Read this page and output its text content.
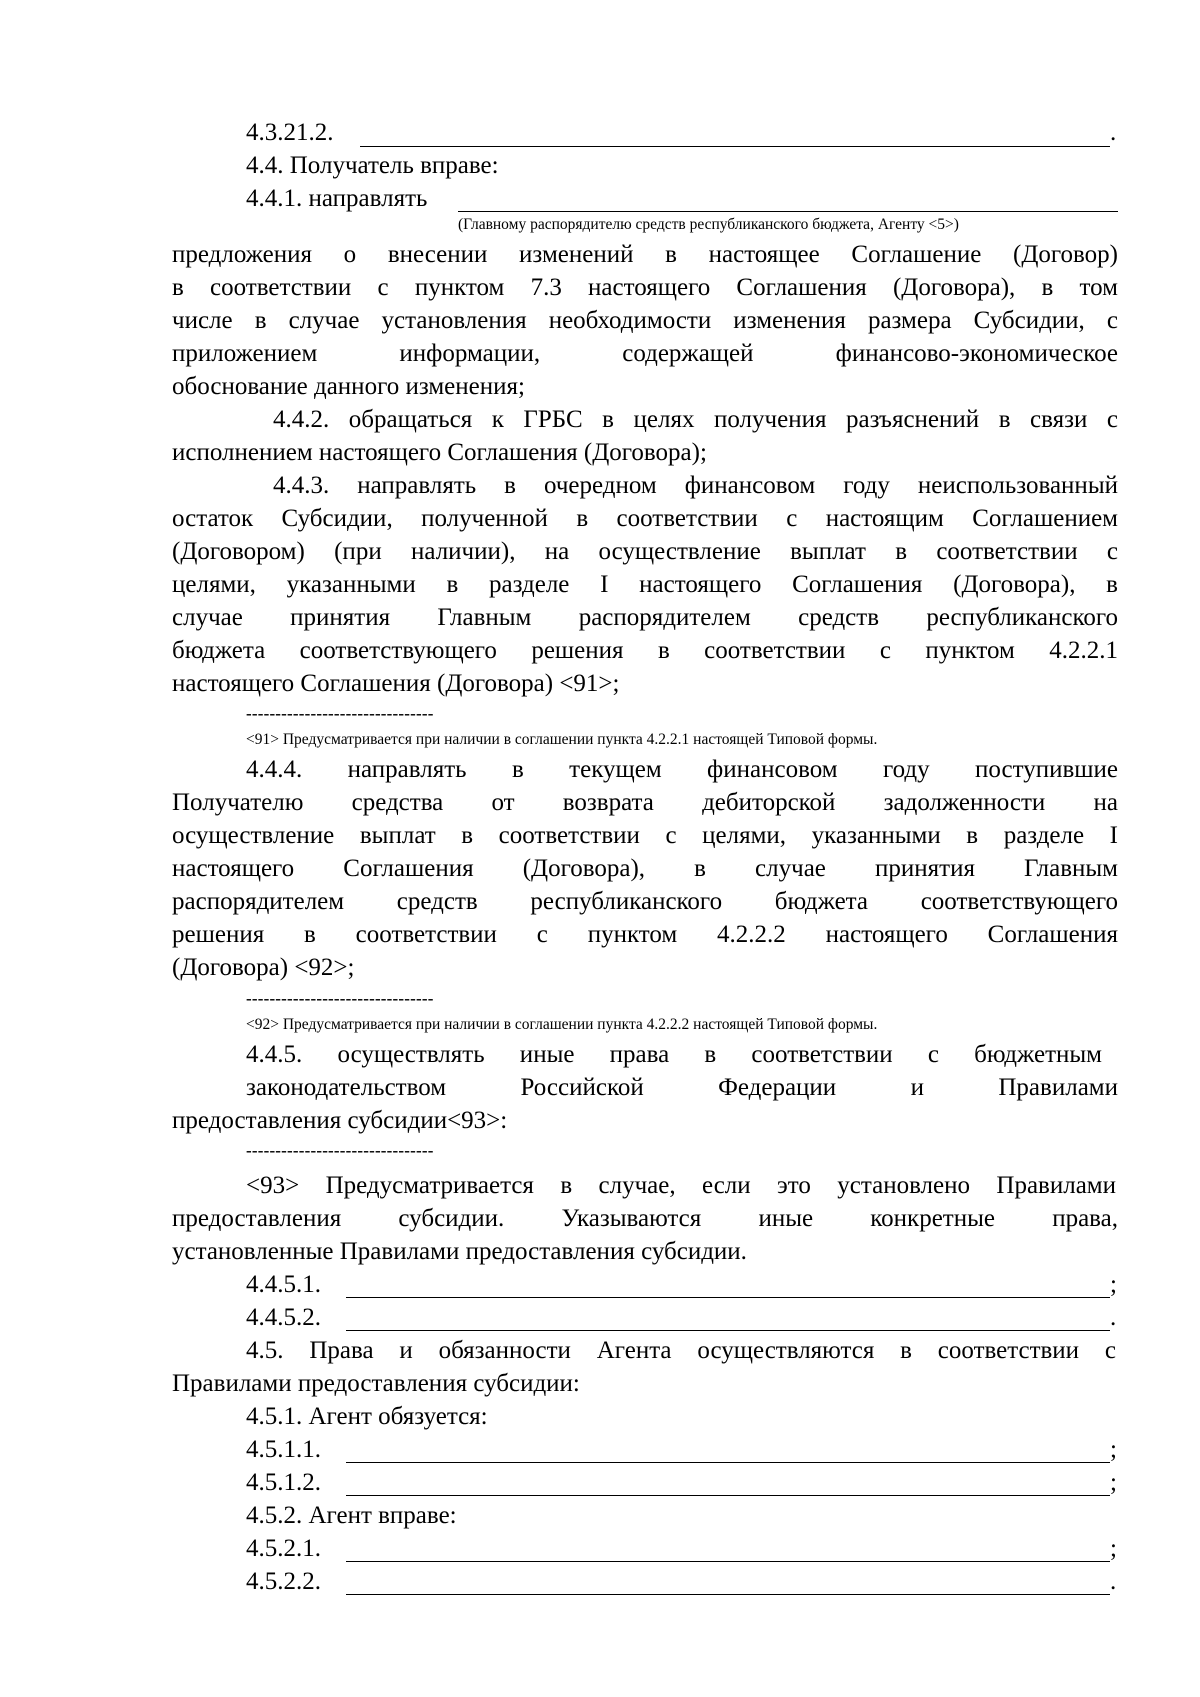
4.3.21.2.	.
4.4. Получатель вправе:
4.4.1. направлять
(Главному распорядителю средств республиканского бюджета, Агенту <5>)
предложения о внесении изменений в настоящее Соглашение (Договор)
в соответствии с пунктом 7.3 настоящего Соглашения (Договора), в том
числе в случае установления необходимости изменения размера Субсидии, с
приложением информации, содержащей финансово-экономическое
обоснование данного изменения;
4.4.2. обращаться к ГРБС в целях получения разъяснений в связи с
исполнением настоящего Соглашения (Договора);
4.4.3. направлять в очередном финансовом году неиспользованный
остаток Субсидии, полученной в соответствии с настоящим Соглашением
(Договором) (при наличии), на осуществление выплат в соответствии с
целями, указанными в разделе I настоящего Соглашения (Договора), в
случае принятия Главным распорядителем средств республиканского
бюджета соответствующего решения в соответствии с пунктом 4.2.2.1
настоящего Соглашения (Договора) <91>;
--------------------------------
<91> Предусматривается при наличии в соглашении пункта 4.2.2.1 настоящей Типовой формы.
4.4.4. направлять в текущем финансовом году поступившие
Получателю средства от возврата дебиторской задолженности на
осуществление выплат в соответствии с целями, указанными в разделе I
настоящего Соглашения (Договора), в случае принятия Главным
распорядителем средств республиканского бюджета соответствующего
решения в соответствии с пунктом 4.2.2.2 настоящего Соглашения
(Договора) <92>;
--------------------------------
<92> Предусматривается при наличии в соглашении пункта 4.2.2.2 настоящей Типовой формы.
4.4.5. осуществлять иные права в соответствии с бюджетным
законодательством Российской Федерации и Правилами
предоставления субсидии<93>:
--------------------------------
<93> Предусматривается в случае, если это установлено Правилами
предоставления субсидии. Указываются иные конкретные права,
установленные Правилами предоставления субсидии.
4.4.5.1.	;
4.4.5.2.	.
4.5. Права и обязанности Агента осуществляются в соответствии с
Правилами предоставления субсидии:
4.5.1. Агент обязуется:
4.5.1.1.	;
4.5.1.2.	;
4.5.2. Агент вправе:
4.5.2.1.	;
4.5.2.2.	.
